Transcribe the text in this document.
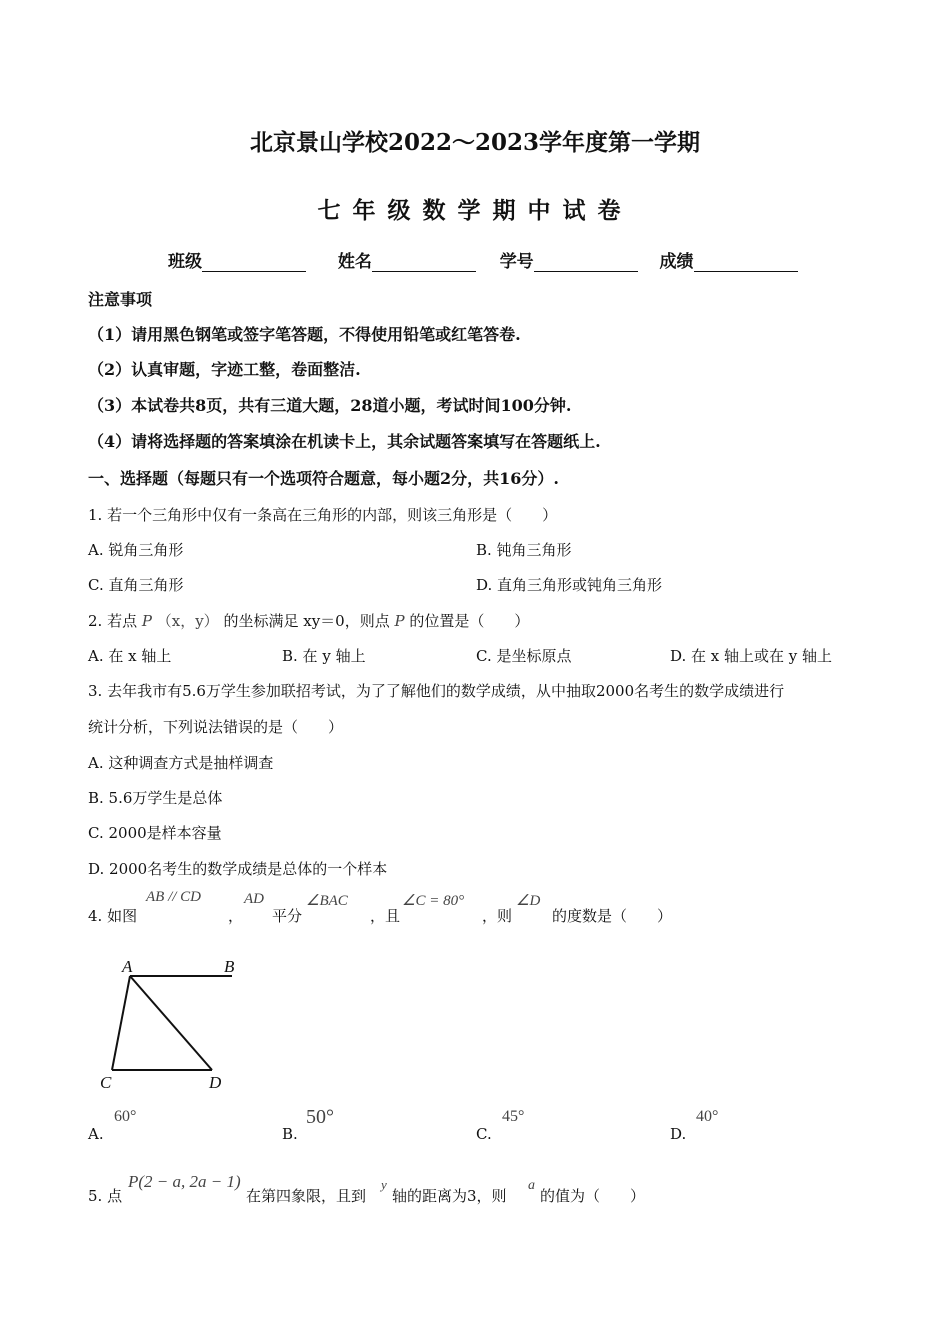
北京景山学校2022～2023学年度第一学期
七年级数学期中试卷
班级	姓名	学号	成绩
注意事项
（1）请用黑色钢笔或签字笔答题，不得使用铅笔或红笔答卷.
（2）认真审题，字迹工整，卷面整洁.
（3）本试卷共8页，共有三道大题，28道小题，考试时间100分钟.
（4）请将选择题的答案填涂在机读卡上，其余试题答案填写在答题纸上.
一、选择题（每题只有一个选项符合题意，每小题2分，共16分）.
1. 若一个三角形中仅有一条高在三角形的内部，则该三角形是（　　）
A. 锐角三角形	B. 钝角三角形
C. 直角三角形	D. 直角三角形或钝角三角形
2. 若点 P （x，y） 的坐标满足 xy＝0，则点 P 的位置是（　　）
A. 在 x 轴上	B. 在 y 轴上	C. 是坐标原点	D. 在 x 轴上或在 y 轴上
3. 去年我市有5.6万学生参加联招考试，为了了解他们的数学成绩，从中抽取2000名考生的数学成绩进行
统计分析，下列说法错误的是（　　）
A. 这种调查方式是抽样调查
B. 5.6万学生是总体
C. 2000是样本容量
D. 2000名考生的数学成绩是总体的一个样本
4. 如图
AB // CD
，
AD
平分
∠BAC
，且
∠C = 80°
，则
∠D
的度数是（　　）
A	B
C	D
A.
60°
B.
50°
C.
45°
D.
40°
5. 点
P(2 − a, 2a − 1)
在第四象限，且到
y
轴的距离为3，则
a
的值为（　　）
